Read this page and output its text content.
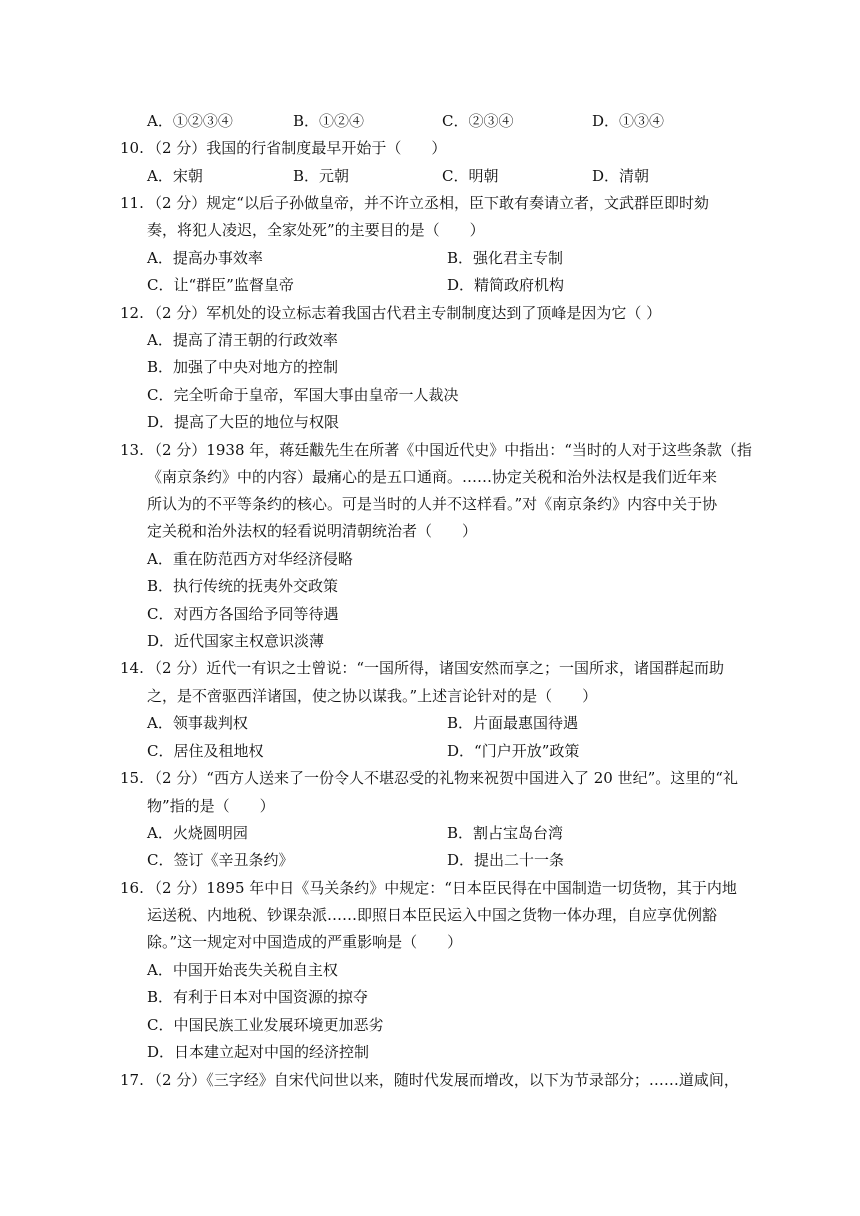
A．①②③④	B．①②④	C．②③④	D．①③④
10. （2 分）我国的行省制度最早开始于（　　）
A．宋朝	B．元朝	C．明朝	D．清朝
11. （2 分）规定“以后子孙做皇帝，并不许立丞相，臣下敢有奏请立者，文武群臣即时劾
奏，将犯人凌迟，全家处死”的主要目的是（　　）
A．提高办事效率	B．强化君主专制
C．让“群臣”监督皇帝	D．精简政府机构
12. （2 分）军机处的设立标志着我国古代君主专制制度达到了顶峰是因为它（ ）
A．提高了清王朝的行政效率
B．加强了中央对地方的控制
C．完全听命于皇帝，军国大事由皇帝一人裁决
D．提高了大臣的地位与权限
13. （2 分）1938 年，蒋廷黻先生在所著《中国近代史》中指出：“当时的人对于这些条款（指
《南京条约》中的内容）最痛心的是五口通商。……协定关税和治外法权是我们近年来
所认为的不平等条约的核心。可是当时的人并不这样看。”对《南京条约》内容中关于协
定关税和治外法权的轻看说明清朝统治者（　　）
A．重在防范西方对华经济侵略
B．执行传统的抚夷外交政策
C．对西方各国给予同等待遇
D．近代国家主权意识淡薄
14. （2 分）近代一有识之士曾说：“一国所得，诸国安然而享之；一国所求，诸国群起而助
之，是不啻驱西洋诸国，使之协以谋我。”上述言论针对的是（　　）
A．领事裁判权	B．片面最惠国待遇
C．居住及租地权	D．“门户开放”政策
15. （2 分）“西方人送来了一份令人不堪忍受的礼物来祝贺中国进入了 20 世纪”。这里的“礼
物”指的是（　　）
A．火烧圆明园	B．割占宝岛台湾
C．签订《辛丑条约》	D．提出二十一条
16. （2 分）1895 年中日《马关条约》中规定：“日本臣民得在中国制造一切货物，其于内地
运送税、内地税、钞课杂派……即照日本臣民运入中国之货物一体办理，自应享优例豁
除。”这一规定对中国造成的严重影响是（　　）
A．中国开始丧失关税自主权
B．有利于日本对中国资源的掠夺
C．中国民族工业发展环境更加恶劣
D．日本建立起对中国的经济控制
17. （2 分）《三字经》自宋代问世以来，随时代发展而增改，以下为节录部分；……道咸间，
